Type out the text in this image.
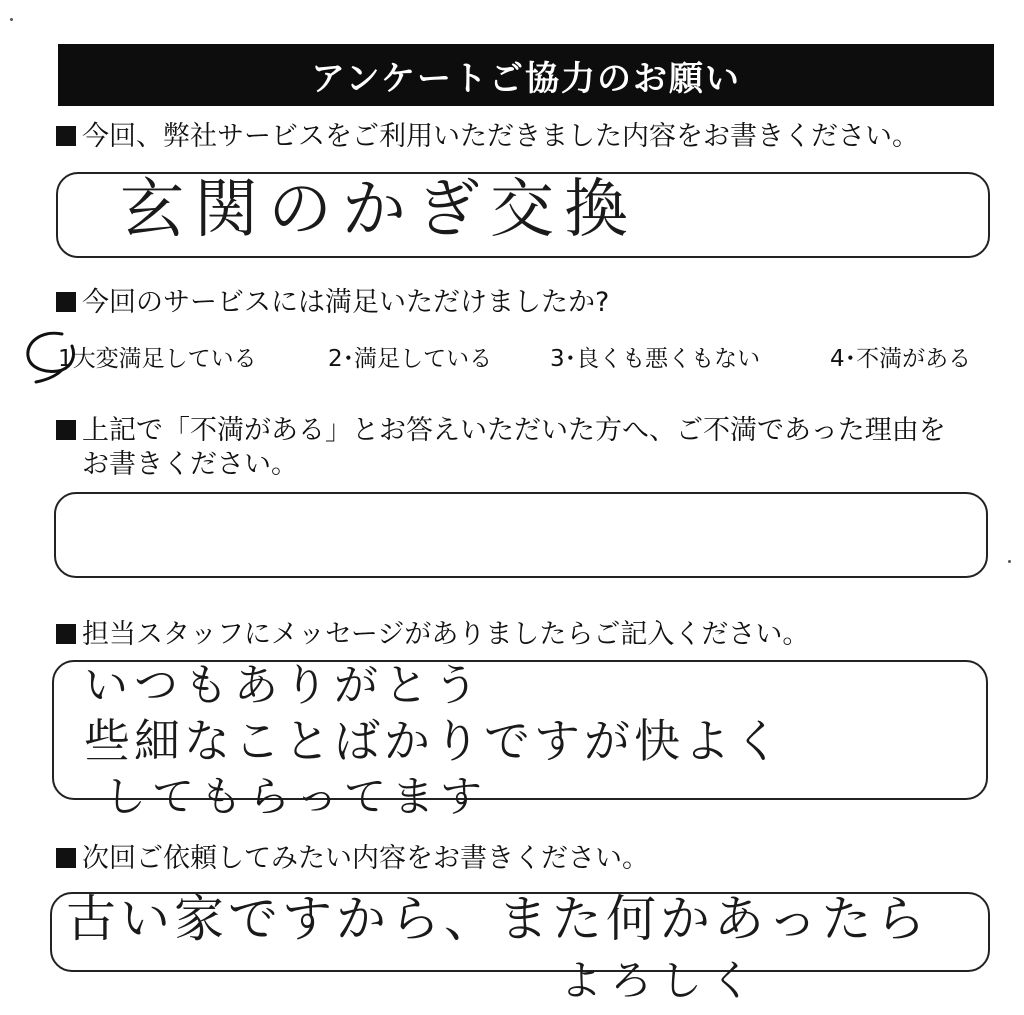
アンケートご協力のお願い
今回、弊社サービスをご利用いただきました内容をお書きください。
玄関のかぎ交換
今回のサービスには満足いただけましたか?
1大変満足している	2･満足している	3･良くも悪くもない	4･不満がある
上記で「不満がある」とお答えいただいた方へ、ご不満であった理由を
お書きください。
担当スタッフにメッセージがありましたらご記入ください。
いつもありがとう
些細なことばかりですが快よく
してもらってます
次回ご依頼してみたい内容をお書きください。
古い家ですから、また何かあったら
よろしく
